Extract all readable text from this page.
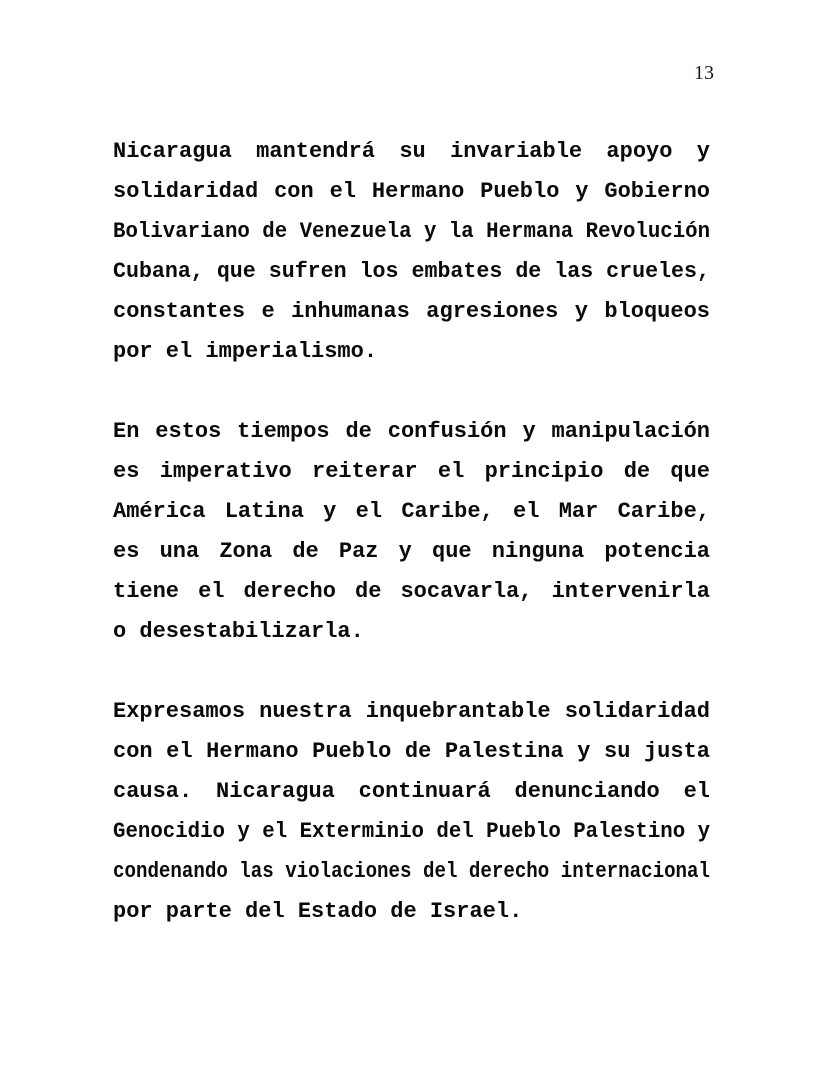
13
Nicaragua mantendrá su invariable apoyo y
solidaridad con el Hermano Pueblo y Gobierno
Bolivariano de Venezuela y la Hermana Revolución
Cubana, que sufren los embates de las crueles,
constantes e inhumanas agresiones y bloqueos
por el imperialismo.
En estos tiempos de confusión y manipulación
es imperativo reiterar el principio de que
América Latina y el Caribe, el Mar Caribe,
es una Zona de Paz y que ninguna potencia
tiene el derecho de socavarla, intervenirla
o desestabilizarla.
Expresamos nuestra inquebrantable solidaridad
con el Hermano Pueblo de Palestina y su justa
causa. Nicaragua continuará denunciando el
Genocidio y el Exterminio del Pueblo Palestino y
condenando las violaciones del derecho internacional
por parte del Estado de Israel.
